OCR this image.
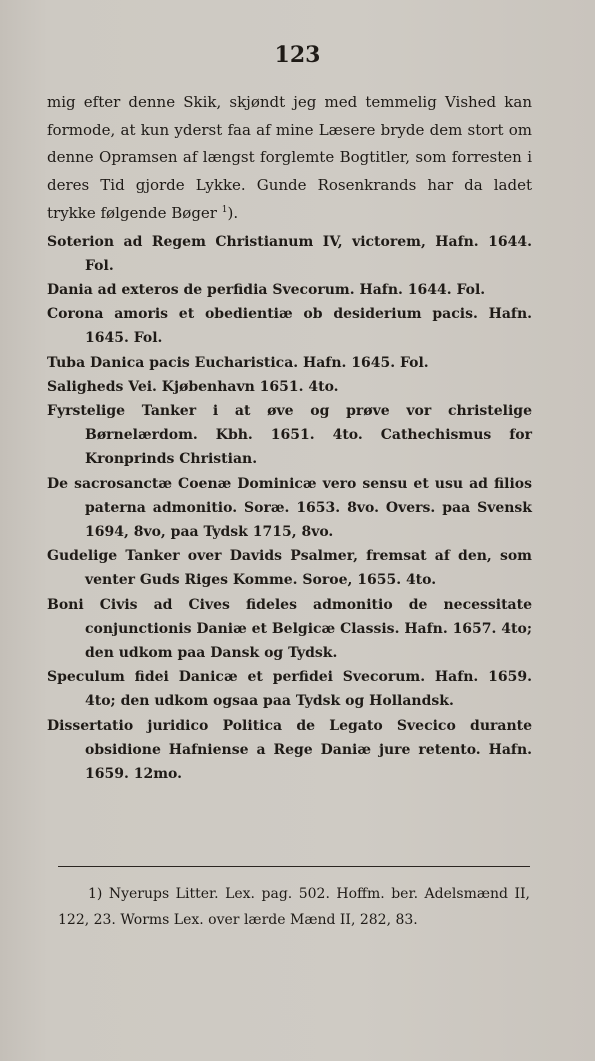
123

mig efter denne Skik, skjøndt jeg med temmelig Vished kan formode, at kun yderst faa af mine Læsere bryde dem stort om denne Opramsen af længst forglemte Bogtitler, som forresten i deres Tid gjorde Lykke. Gunde Rosenkrands har da ladet trykke følgende Bøger $^1$).

Soterion ad Regem Christianum IV, victorem, Hafn. 1644. Fol.

Dania ad exteros de perfidia Svecorum. Hafn. 1644. Fol.

Corona amoris et obedientiæ ob desiderium pacis. Hafn. 1645. Fol.

Tuba Danica pacis Eucharistica. Hafn. 1645. Fol.

Saligheds Vei. Kjøbenhavn 1651. 4to.

Fyrstelige Tanker i at øve og prøve vor christelige Børnelærdom. Kbh. 1651. 4to. Cathechismus for Kronprinds Christian.

De sacrosanctæ Coenæ Dominicæ vero sensu et usu ad filios paterna admonitio. Soræ. 1653. 8vo. Overs. paa Svensk 1694, 8vo, paa Tydsk 1715, 8vo.

Gudelige Tanker over Davids Psalmer, fremsat af den, som venter Guds Riges Komme. Soroe, 1655. 4to.

Boni Civis ad Cives fideles admonitio de necessitate conjunctionis Daniæ et Belgicæ Classis. Hafn. 1657. 4to; den udkom paa Dansk og Tydsk.

Speculum fidei Danicæ et perfidei Svecorum. Hafn. 1659. 4to; den udkom ogsaa paa Tydsk og Hollandsk.

Dissertatio juridico Politica de Legato Svecico durante obsidione Hafniense a Rege Daniæ jure retento. Hafn. 1659. 12mo.

1) Nyerups Litter. Lex. pag. 502. Hoffm. ber. Adelsmænd II, 122, 23. Worms Lex. over lærde Mænd II, 282, 83.
